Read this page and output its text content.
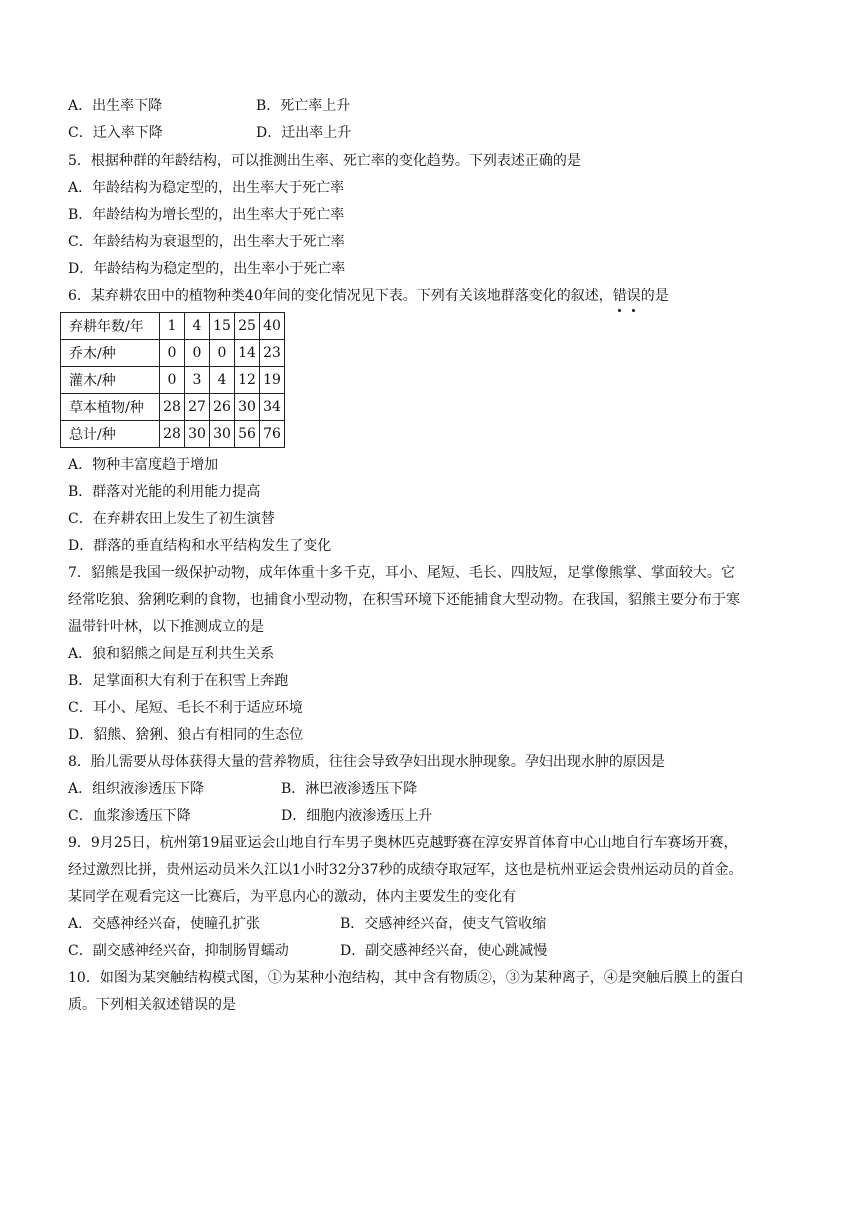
A．出生率下降	B．死亡率上升
C．迁入率下降	D．迁出率上升
5．根据种群的年龄结构，可以推测出生率、死亡率的变化趋势。下列表述正确的是
A．年龄结构为稳定型的，出生率大于死亡率
B．年龄结构为增长型的，出生率大于死亡率
C．年龄结构为衰退型的，出生率大于死亡率
D．年龄结构为稳定型的，出生率小于死亡率
6．某弃耕农田中的植物种类40年间的变化情况见下表。下列有关该地群落变化的叙述，错误的是
弃耕年数/年	1	4	15	25	40
乔木/种	0	0	0	14	23
灌木/种	0	3	4	12	19
草本植物/种	28	27	26	30	34
总计/种	28	30	30	56	76
A．物种丰富度趋于增加
B．群落对光能的利用能力提高
C．在弃耕农田上发生了初生演替
D．群落的垂直结构和水平结构发生了变化
7．貂熊是我国一级保护动物，成年体重十多千克，耳小、尾短、毛长、四肢短，足掌像熊掌、掌面较大。它
经常吃狼、猞猁吃剩的食物，也捕食小型动物，在积雪环境下还能捕食大型动物。在我国，貂熊主要分布于寒
温带针叶林，以下推测成立的是
A．狼和貂熊之间是互利共生关系
B．足掌面积大有利于在积雪上奔跑
C．耳小、尾短、毛长不利于适应环境
D．貂熊、猞猁、狼占有相同的生态位
8．胎儿需要从母体获得大量的营养物质，往往会导致孕妇出现水肿现象。孕妇出现水肿的原因是
A．组织液渗透压下降	B．淋巴液渗透压下降
C．血浆渗透压下降	D．细胞内液渗透压上升
9．9月25日，杭州第19届亚运会山地自行车男子奥林匹克越野赛在淳安界首体育中心山地自行车赛场开赛，
经过激烈比拼，贵州运动员米久江以1小时32分37秒的成绩夺取冠军，这也是杭州亚运会贵州运动员的首金。
某同学在观看完这一比赛后，为平息内心的激动，体内主要发生的变化有
A．交感神经兴奋，使瞳孔扩张	B．交感神经兴奋，使支气管收缩
C．副交感神经兴奋，抑制肠胃蠕动	D．副交感神经兴奋，使心跳减慢
10．如图为某突触结构模式图，①为某种小泡结构，其中含有物质②，③为某种离子，④是突触后膜上的蛋白
质。下列相关叙述错误的是
